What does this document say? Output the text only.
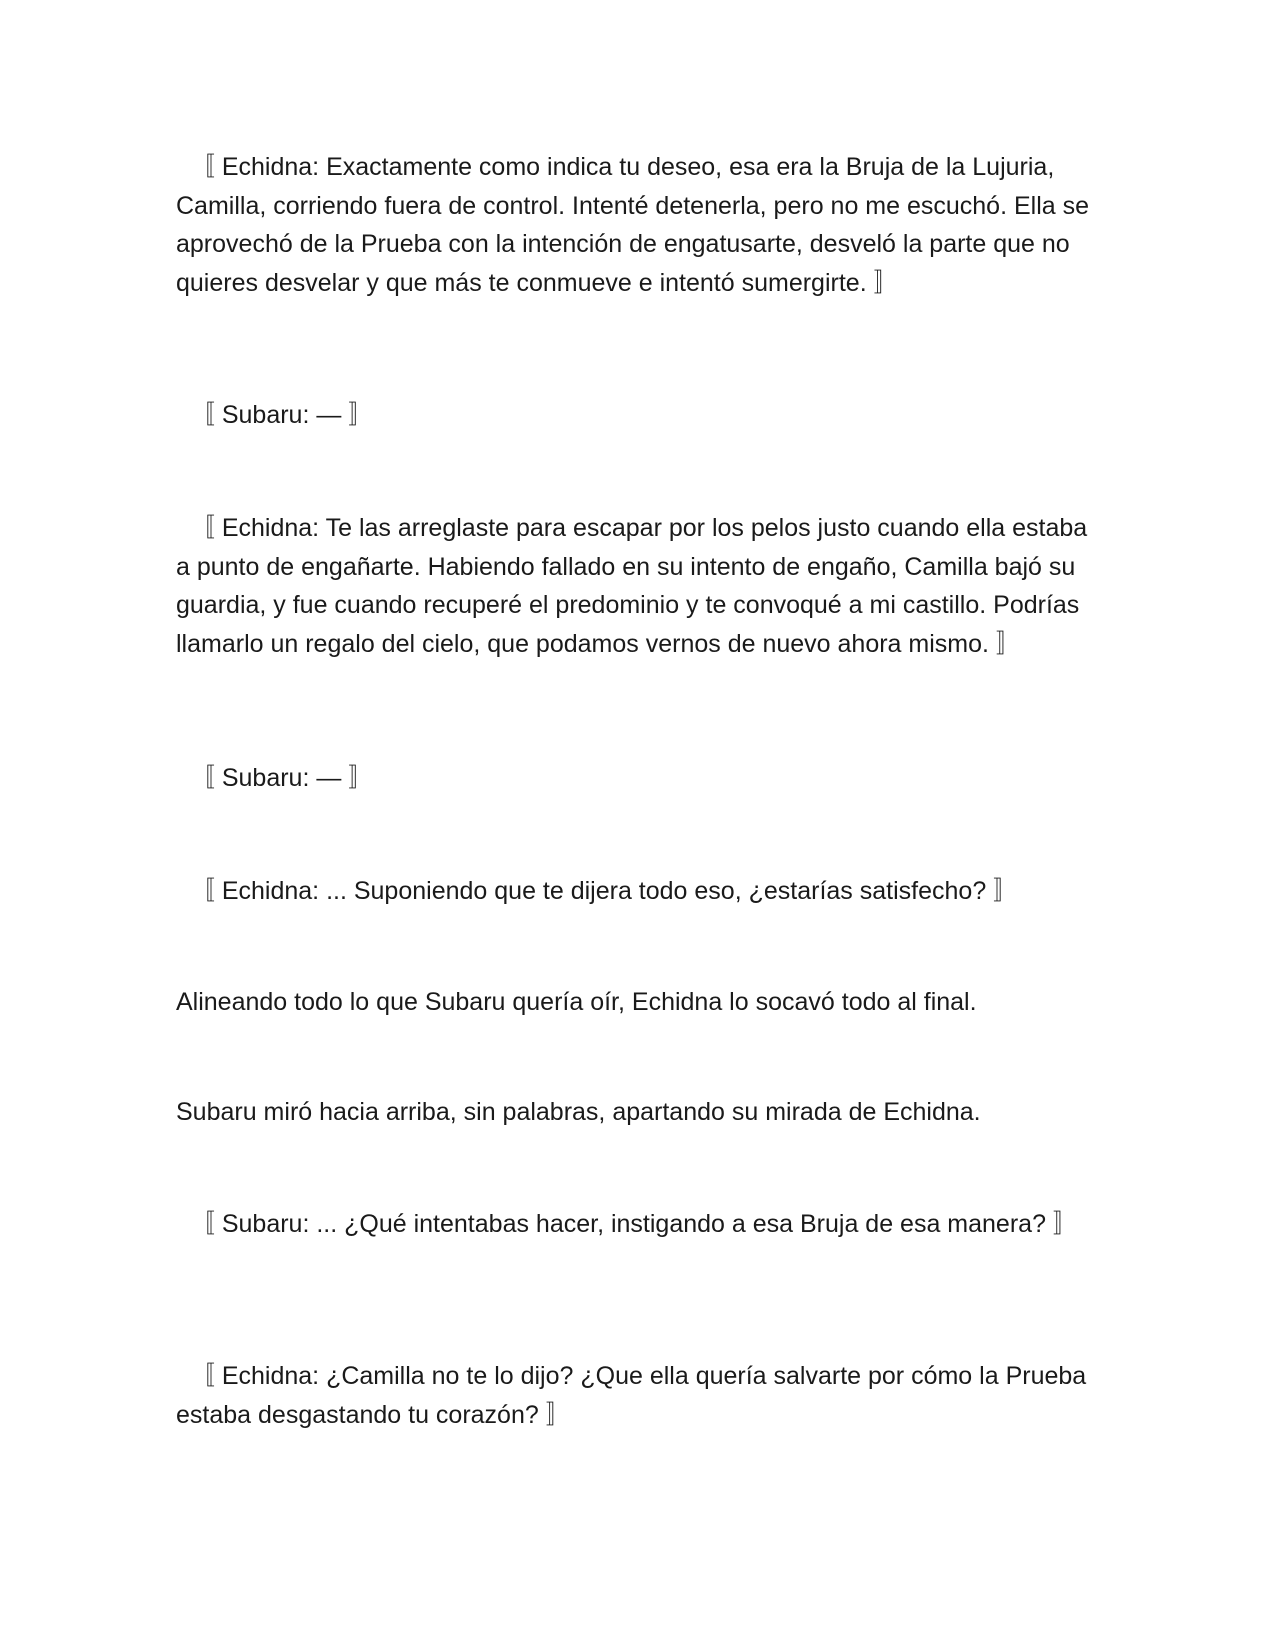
〚 Echidna: Exactamente como indica tu deseo, esa era la Bruja de la Lujuria, Camilla, corriendo fuera de control. Intenté detenerla, pero no me escuchó. Ella se aprovechó de la Prueba con la intención de engatusarte, desveló la parte que no quieres desvelar y que más te conmueve e intentó sumergirte. 〛

〚 Subaru: — 〛

〚 Echidna: Te las arreglaste para escapar por los pelos justo cuando ella estaba a punto de engañarte. Habiendo fallado en su intento de engaño, Camilla bajó su guardia, y fue cuando recuperé el predominio y te convoqué a mi castillo. Podrías llamarlo un regalo del cielo, que podamos vernos de nuevo ahora mismo. 〛

〚 Subaru: — 〛

〚 Echidna: ... Suponiendo que te dijera todo eso, ¿estarías satisfecho? 〛

Alineando todo lo que Subaru quería oír, Echidna lo socavó todo al final.

Subaru miró hacia arriba, sin palabras, apartando su mirada de Echidna.

〚 Subaru: ... ¿Qué intentabas hacer, instigando a esa Bruja de esa manera? 〛

〚 Echidna: ¿Camilla no te lo dijo? ¿Que ella quería salvarte por cómo la Prueba estaba desgastando tu corazón? 〛
